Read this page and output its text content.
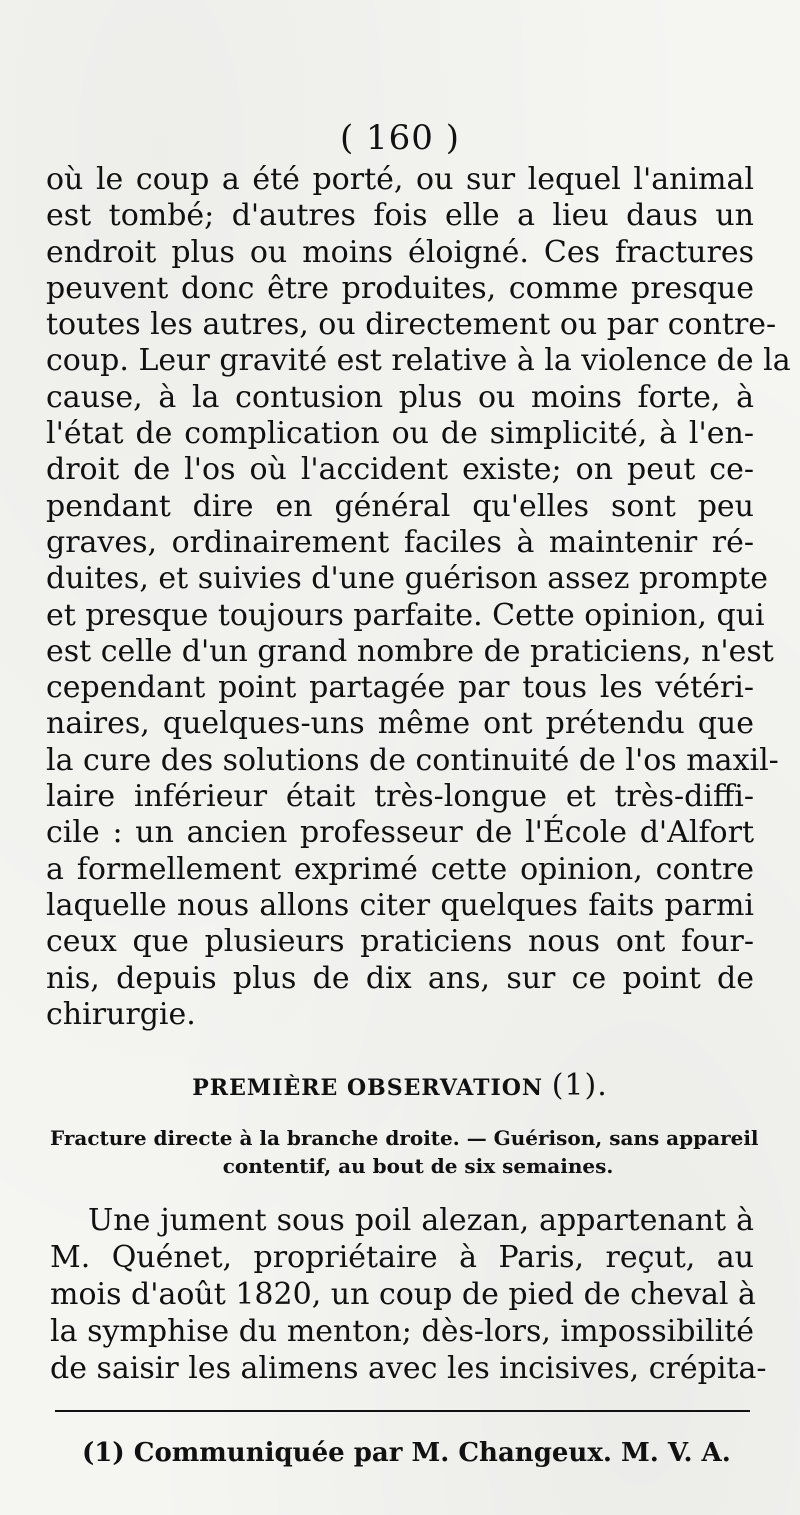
( 160 )
où le coup a été porté, ou sur lequel l'animal
est tombé; d'autres fois elle a lieu daus un
endroit plus ou moins éloigné. Ces fractures
peuvent donc être produites, comme presque
toutes les autres, ou directement ou par contre-
coup. Leur gravité est relative à la violence de la
cause, à la contusion plus ou moins forte, à
l'état de complication ou de simplicité, à l'en-
droit de l'os où l'accident existe; on peut ce-
pendant dire en général qu'elles sont peu
graves, ordinairement faciles à maintenir ré-
duites, et suivies d'une guérison assez prompte
et presque toujours parfaite. Cette opinion, qui
est celle d'un grand nombre de praticiens, n'est
cependant point partagée par tous les vétéri-
naires, quelques-uns même ont prétendu que
la cure des solutions de continuité de l'os maxil-
laire inférieur était très-longue et très-diffi-
cile : un ancien professeur de l'École d'Alfort
a formellement exprimé cette opinion, contre
laquelle nous allons citer quelques faits parmi
ceux que plusieurs praticiens nous ont four-
nis, depuis plus de dix ans, sur ce point de
chirurgie.
PREMIÈRE OBSERVATION (1).
Fracture directe à la branche droite. — Guérison, sans appareil
contentif, au bout de six semaines.
Une jument sous poil alezan, appartenant à
M. Quénet, propriétaire à Paris, reçut, au
mois d'août 1820, un coup de pied de cheval à
la symphise du menton; dès-lors, impossibilité
de saisir les alimens avec les incisives, crépita-
(1) Communiquée par M. Changeux. M. V. A.
